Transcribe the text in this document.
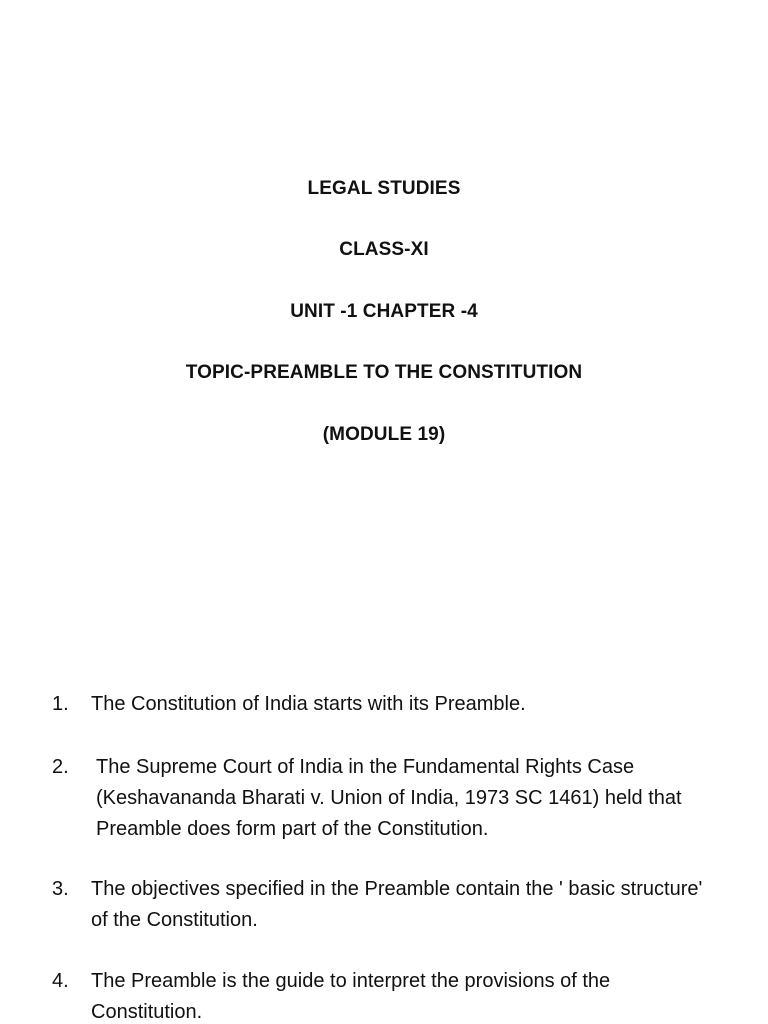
LEGAL STUDIES

CLASS-XI

UNIT -1 CHAPTER -4

TOPIC-PREAMBLE TO THE CONSTITUTION

(MODULE 19)

1. The Constitution of India starts with its Preamble.
2. The Supreme Court of India in the Fundamental Rights Case (Keshavananda Bharati v. Union of India, 1973 SC 1461) held that Preamble does form part of the Constitution.
3. The objectives specified in the Preamble contain the ' basic structure' of the Constitution.
4. The Preamble is the guide to interpret the provisions of the Constitution.
